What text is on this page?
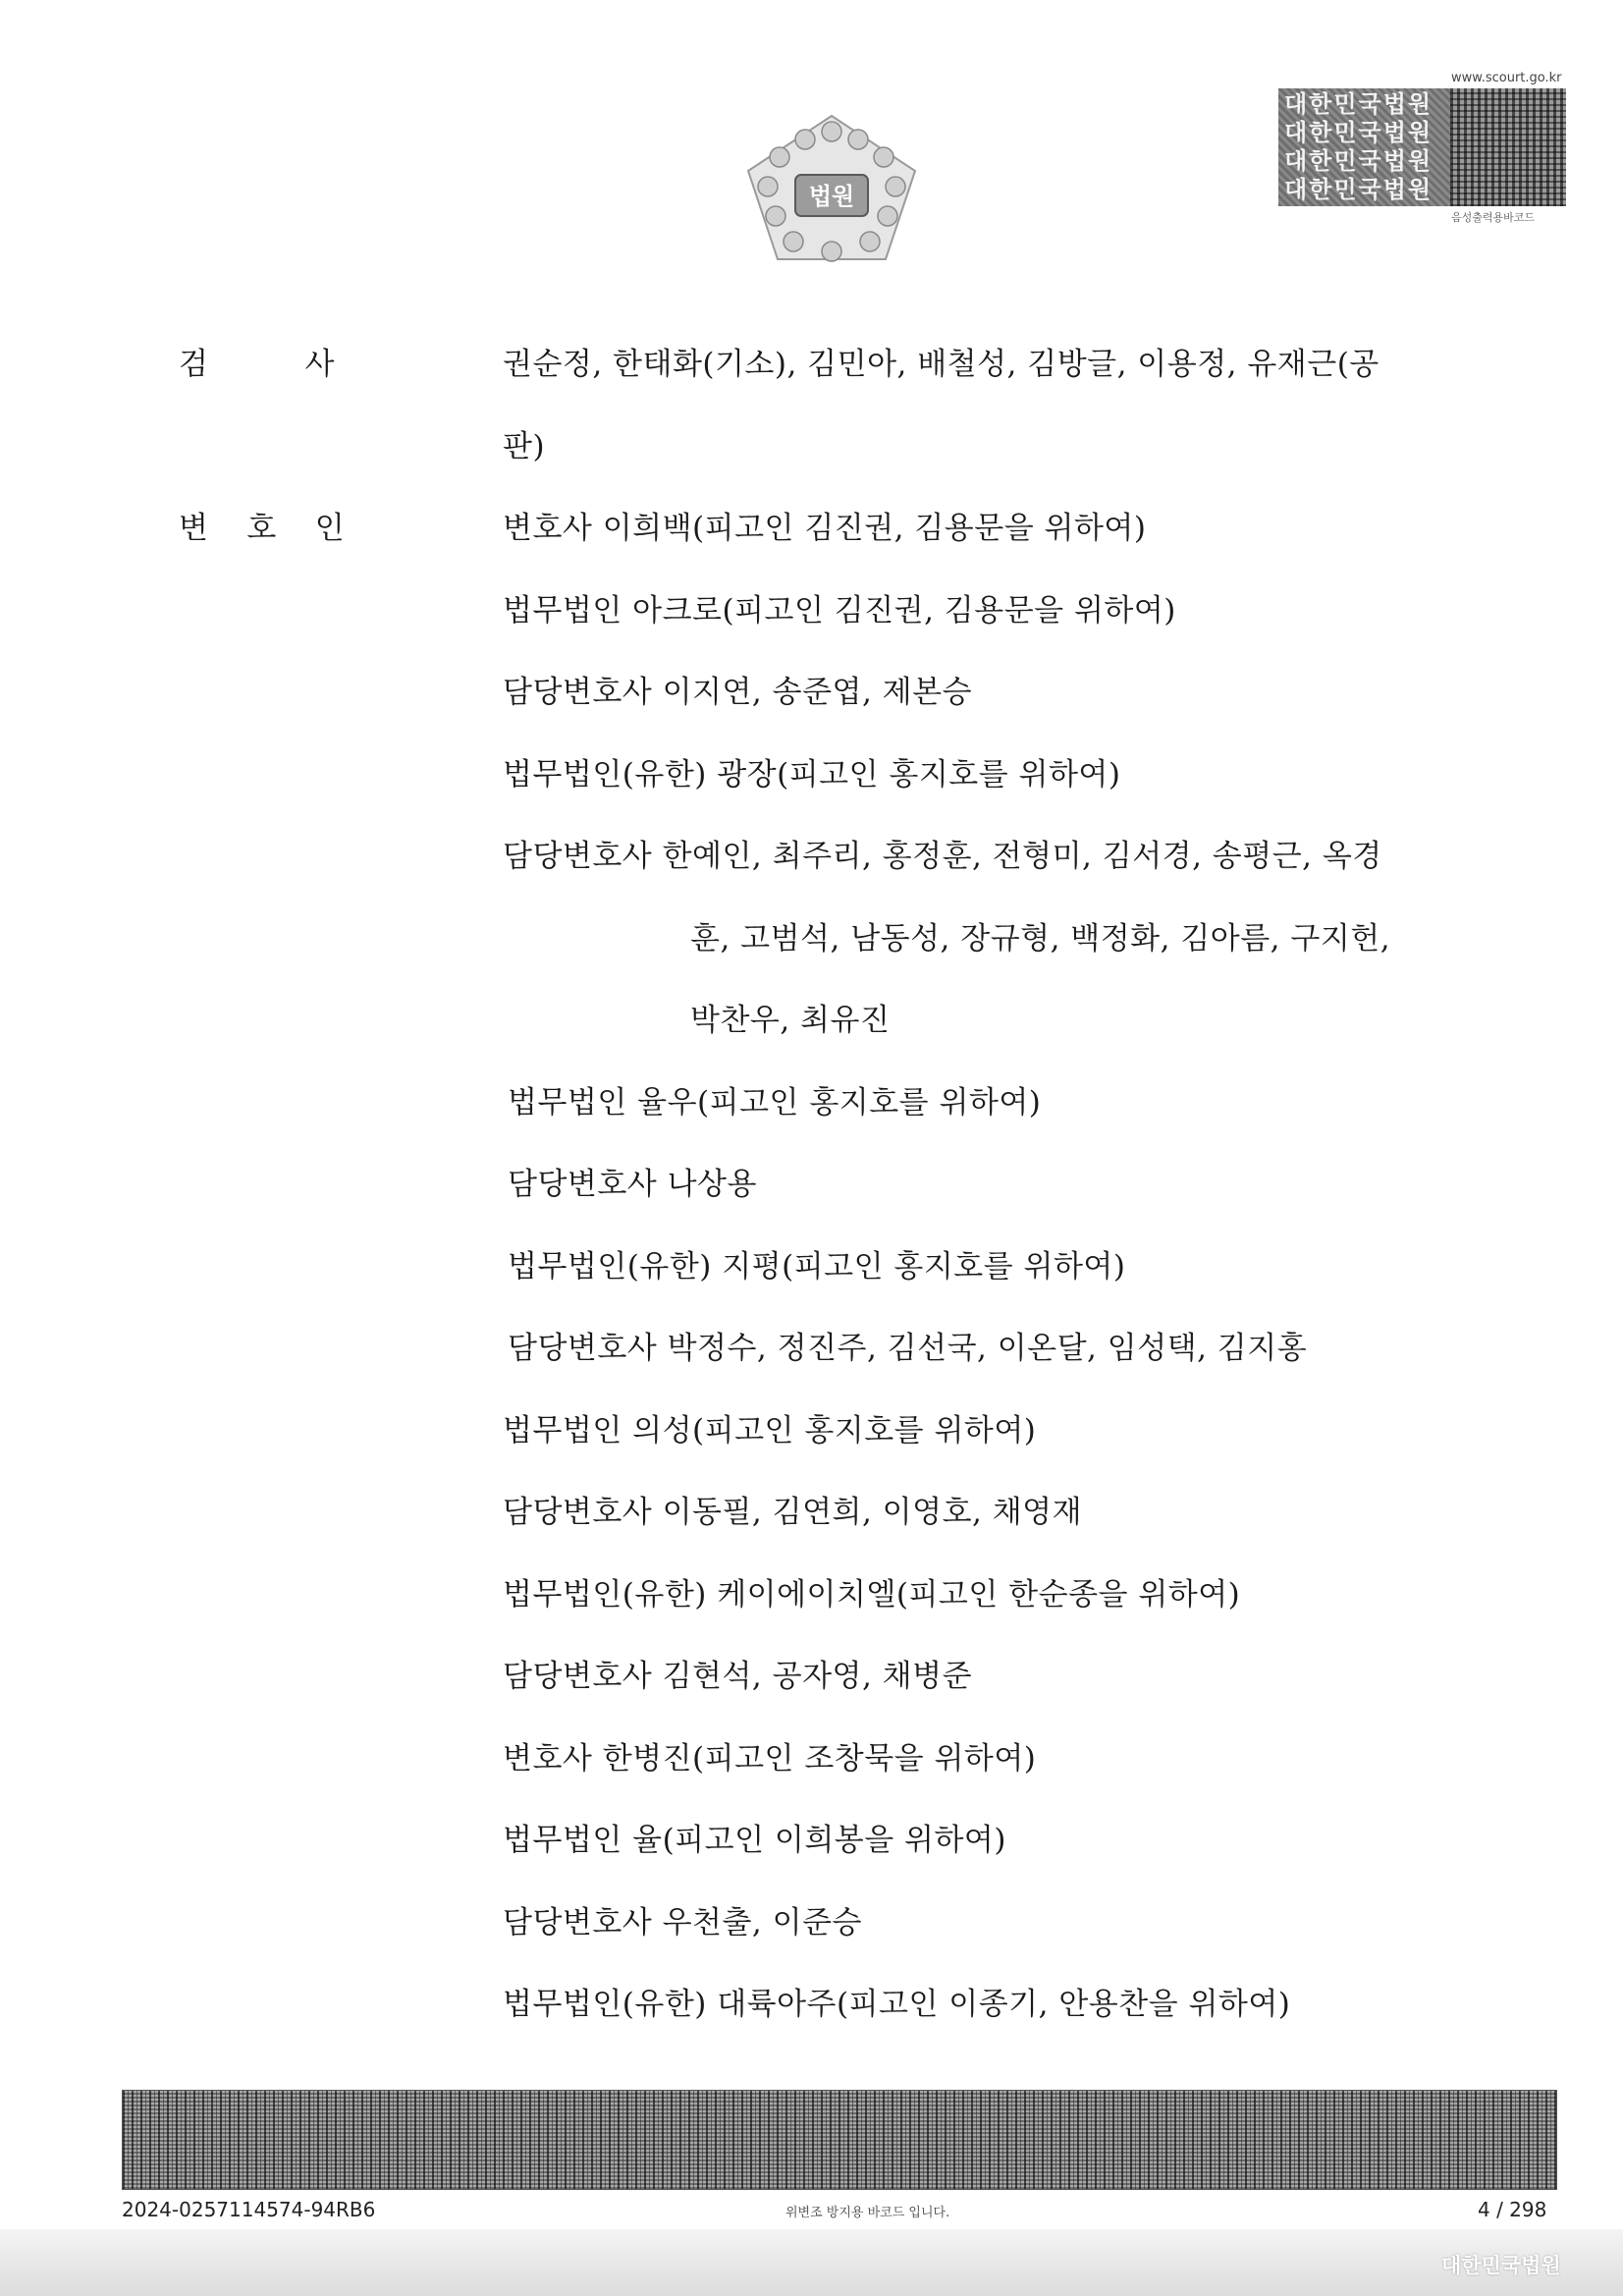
법원
www.scourt.go.kr
대한민국법원
대한민국법원
대한민국법원
대한민국법원
음성출력용바코드
검          사
변    호    인
권순정, 한태화(기소), 김민아, 배철성, 김방글, 이용정, 유재근(공
판)
변호사 이희백(피고인 김진권, 김용문을 위하여)
법무법인 아크로(피고인 김진권, 김용문을 위하여)
담당변호사 이지연, 송준엽, 제본승
법무법인(유한) 광장(피고인 홍지호를 위하여)
담당변호사 한예인, 최주리, 홍정훈, 전형미, 김서경, 송평근, 옥경
훈, 고범석, 남동성, 장규형, 백정화, 김아름, 구지헌,
박찬우, 최유진
법무법인 율우(피고인 홍지호를 위하여)
담당변호사 나상용
법무법인(유한) 지평(피고인 홍지호를 위하여)
담당변호사 박정수, 정진주, 김선국, 이온달, 임성택, 김지홍
법무법인 의성(피고인 홍지호를 위하여)
담당변호사 이동필, 김연희, 이영호, 채영재
법무법인(유한) 케이에이치엘(피고인 한순종을 위하여)
담당변호사 김현석, 공자영, 채병준
변호사 한병진(피고인 조창묵을 위하여)
법무법인 율(피고인 이희봉을 위하여)
담당변호사 우천출, 이준승
법무법인(유한) 대륙아주(피고인 이종기, 안용찬을 위하여)
2024-0257114574-94RB6	위변조 방지용 바코드 입니다.	4 / 298
대한민국법원
